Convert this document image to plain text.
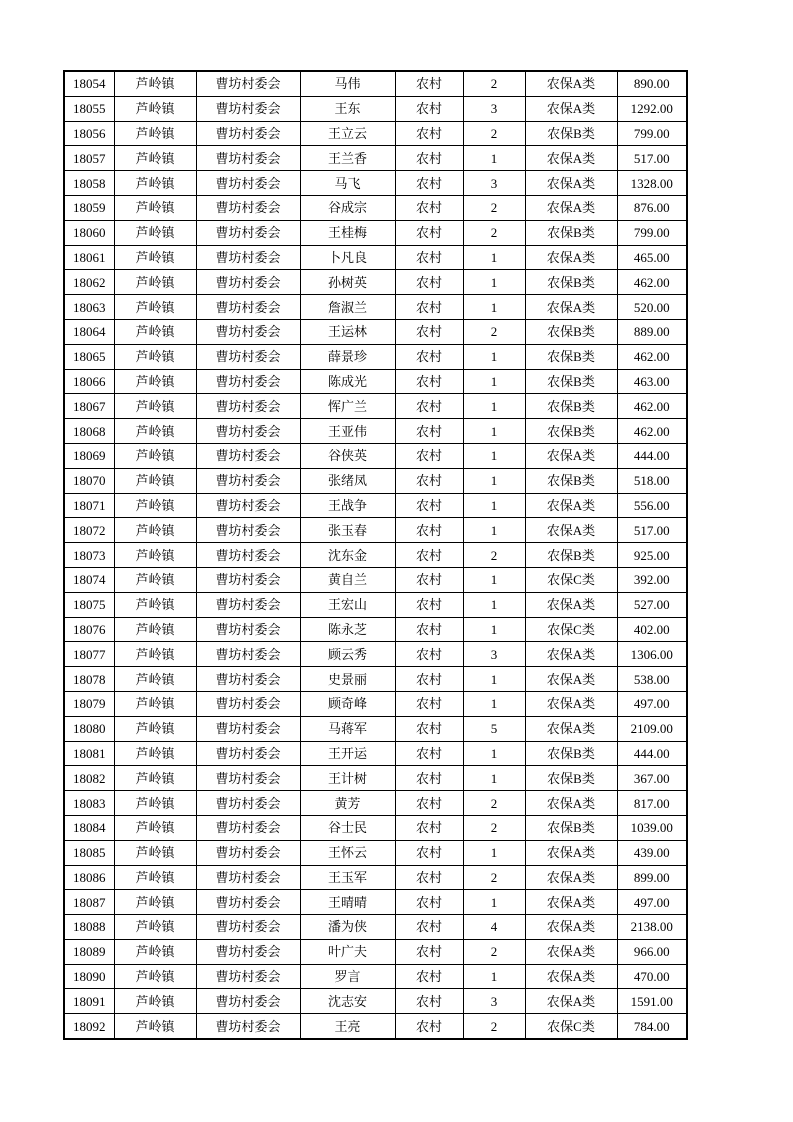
18054	芦岭镇	曹坊村委会	马伟	农村	2	农保A类	890.00
18055	芦岭镇	曹坊村委会	王东	农村	3	农保A类	1292.00
18056	芦岭镇	曹坊村委会	王立云	农村	2	农保B类	799.00
18057	芦岭镇	曹坊村委会	王兰香	农村	1	农保A类	517.00
18058	芦岭镇	曹坊村委会	马飞	农村	3	农保A类	1328.00
18059	芦岭镇	曹坊村委会	谷成宗	农村	2	农保A类	876.00
18060	芦岭镇	曹坊村委会	王桂梅	农村	2	农保B类	799.00
18061	芦岭镇	曹坊村委会	卜凡良	农村	1	农保A类	465.00
18062	芦岭镇	曹坊村委会	孙树英	农村	1	农保B类	462.00
18063	芦岭镇	曹坊村委会	詹淑兰	农村	1	农保A类	520.00
18064	芦岭镇	曹坊村委会	王运林	农村	2	农保B类	889.00
18065	芦岭镇	曹坊村委会	薛景珍	农村	1	农保B类	462.00
18066	芦岭镇	曹坊村委会	陈成光	农村	1	农保B类	463.00
18067	芦岭镇	曹坊村委会	恽广兰	农村	1	农保B类	462.00
18068	芦岭镇	曹坊村委会	王亚伟	农村	1	农保B类	462.00
18069	芦岭镇	曹坊村委会	谷侠英	农村	1	农保A类	444.00
18070	芦岭镇	曹坊村委会	张绪凤	农村	1	农保B类	518.00
18071	芦岭镇	曹坊村委会	王战争	农村	1	农保A类	556.00
18072	芦岭镇	曹坊村委会	张玉春	农村	1	农保A类	517.00
18073	芦岭镇	曹坊村委会	沈东金	农村	2	农保B类	925.00
18074	芦岭镇	曹坊村委会	黄自兰	农村	1	农保C类	392.00
18075	芦岭镇	曹坊村委会	王宏山	农村	1	农保A类	527.00
18076	芦岭镇	曹坊村委会	陈永芝	农村	1	农保C类	402.00
18077	芦岭镇	曹坊村委会	顾云秀	农村	3	农保A类	1306.00
18078	芦岭镇	曹坊村委会	史景丽	农村	1	农保A类	538.00
18079	芦岭镇	曹坊村委会	顾奇峰	农村	1	农保A类	497.00
18080	芦岭镇	曹坊村委会	马蒋军	农村	5	农保A类	2109.00
18081	芦岭镇	曹坊村委会	王开运	农村	1	农保B类	444.00
18082	芦岭镇	曹坊村委会	王计树	农村	1	农保B类	367.00
18083	芦岭镇	曹坊村委会	黄芳	农村	2	农保A类	817.00
18084	芦岭镇	曹坊村委会	谷士民	农村	2	农保B类	1039.00
18085	芦岭镇	曹坊村委会	王怀云	农村	1	农保A类	439.00
18086	芦岭镇	曹坊村委会	王玉军	农村	2	农保A类	899.00
18087	芦岭镇	曹坊村委会	王晴晴	农村	1	农保A类	497.00
18088	芦岭镇	曹坊村委会	潘为侠	农村	4	农保A类	2138.00
18089	芦岭镇	曹坊村委会	叶广夫	农村	2	农保A类	966.00
18090	芦岭镇	曹坊村委会	罗言	农村	1	农保A类	470.00
18091	芦岭镇	曹坊村委会	沈志安	农村	3	农保A类	1591.00
18092	芦岭镇	曹坊村委会	王亮	农村	2	农保C类	784.00
